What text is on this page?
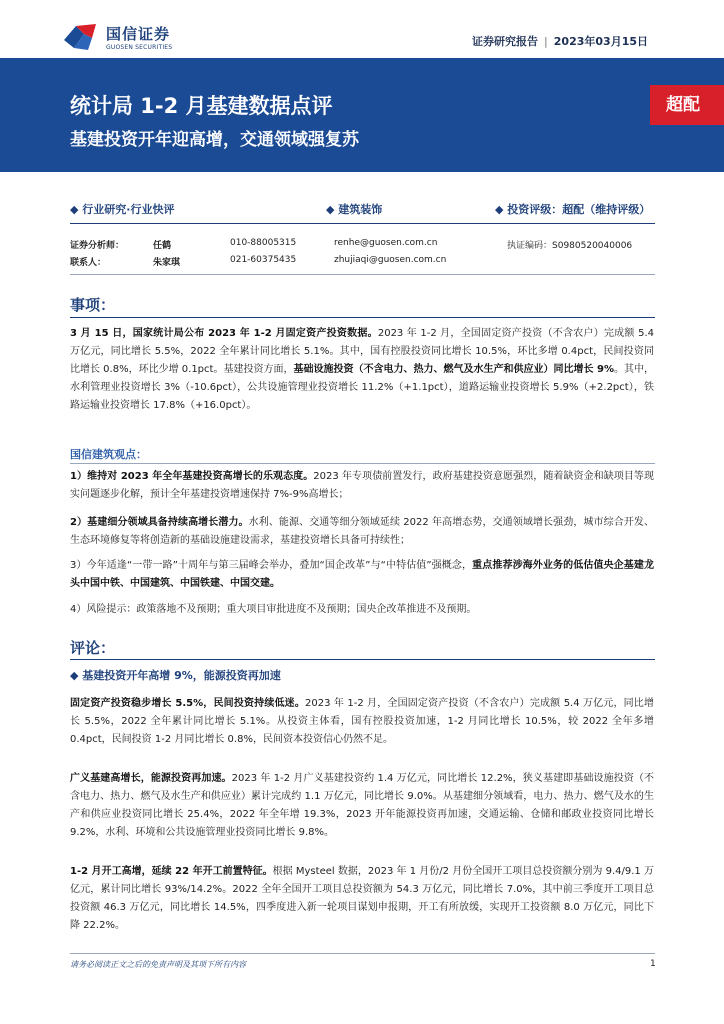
国信证券
GUOSEN SECURITIES	证券研究报告 | 2023年03月15日
统计局 1-2 月基建数据点评
基建投资开年迎高增，交通领域强复苏
超配
◆ 行业研究·行业快评	◆ 建筑装饰	◆ 投资评级：超配（维持评级）
证券分析师：	任鹤	010-88005315	renhe@guosen.com.cn	执证编码：S0980520040006
联系人：	朱家琪	021-60375435	zhujiaqi@guosen.com.cn
事项：
3 月 15 日，国家统计局公布 2023 年 1-2 月固定资产投资数据。2023 年 1-2 月，全国固定资产投资（不含农户）完成额 5.4 万亿元，同比增长 5.5%，2022 全年累计同比增长 5.1%。其中，国有控股投资同比增长 10.5%，环比多增 0.4pct，民间投资同比增长 0.8%，环比少增 0.1pct。基建投资方面，基础设施投资（不含电力、热力、燃气及水生产和供应业）同比增长 9%。其中，水利管理业投资增长 3%（-10.6pct），公共设施管理业投资增长 11.2%（+1.1pct），道路运输业投资增长 5.9%（+2.2pct），铁路运输业投资增长 17.8%（+16.0pct）。
国信建筑观点：
1）维持对 2023 年全年基建投资高增长的乐观态度。2023 年专项债前置发行，政府基建投资意愿强烈，随着缺资金和缺项目等现实问题逐步化解，预计全年基建投资增速保持 7%-9%高增长；
2）基建细分领域具备持续高增长潜力。水利、能源、交通等细分领域延续 2022 年高增态势，交通领域增长强劲，城市综合开发、生态环境修复等将创造新的基础设施建设需求，基建投资增长具备可持续性；
3）今年适逢“一带一路”十周年与第三届峰会举办，叠加“国企改革”与“中特估值”强概念，重点推荐涉海外业务的低估值央企基建龙头中国中铁、中国建筑、中国铁建、中国交建。
4）风险提示：政策落地不及预期；重大项目审批进度不及预期；国央企改革推进不及预期。
评论：
◆ 基建投资开年高增 9%，能源投资再加速
固定资产投资稳步增长 5.5%，民间投资持续低迷。2023 年 1-2 月，全国固定资产投资（不含农户）完成额 5.4 万亿元，同比增长 5.5%，2022 全年累计同比增长 5.1%。从投资主体看，国有控股投资加速，1-2 月同比增长 10.5%，较 2022 全年多增 0.4pct，民间投资 1-2 月同比增长 0.8%，民间资本投资信心仍然不足。
广义基建高增长，能源投资再加速。2023 年 1-2 月广义基建投资约 1.4 万亿元，同比增长 12.2%，狭义基建即基础设施投资（不含电力、热力、燃气及水生产和供应业）累计完成约 1.1 万亿元，同比增长 9.0%。从基建细分领域看，电力、热力、燃气及水的生产和供应业投资同比增长 25.4%，2022 年全年增 19.3%，2023 开年能源投资再加速，交通运输、仓储和邮政业投资同比增长 9.2%，水利、环境和公共设施管理业投资同比增长 9.8%。
1-2 月开工高增，延续 22 年开工前置特征。根据 Mysteel 数据，2023 年 1 月份/2 月份全国开工项目总投资额分别为 9.4/9.1 万亿元，累计同比增长 93%/14.2%。2022 全年全国开工项目总投资额为 54.3 万亿元，同比增长 7.0%，其中前三季度开工项目总投资额 46.3 万亿元，同比增长 14.5%，四季度进入新一轮项目谋划申报期，开工有所放缓，实现开工投资额 8.0 万亿元，同比下降 22.2%。
请务必阅读正文之后的免责声明及其项下所有内容	1
